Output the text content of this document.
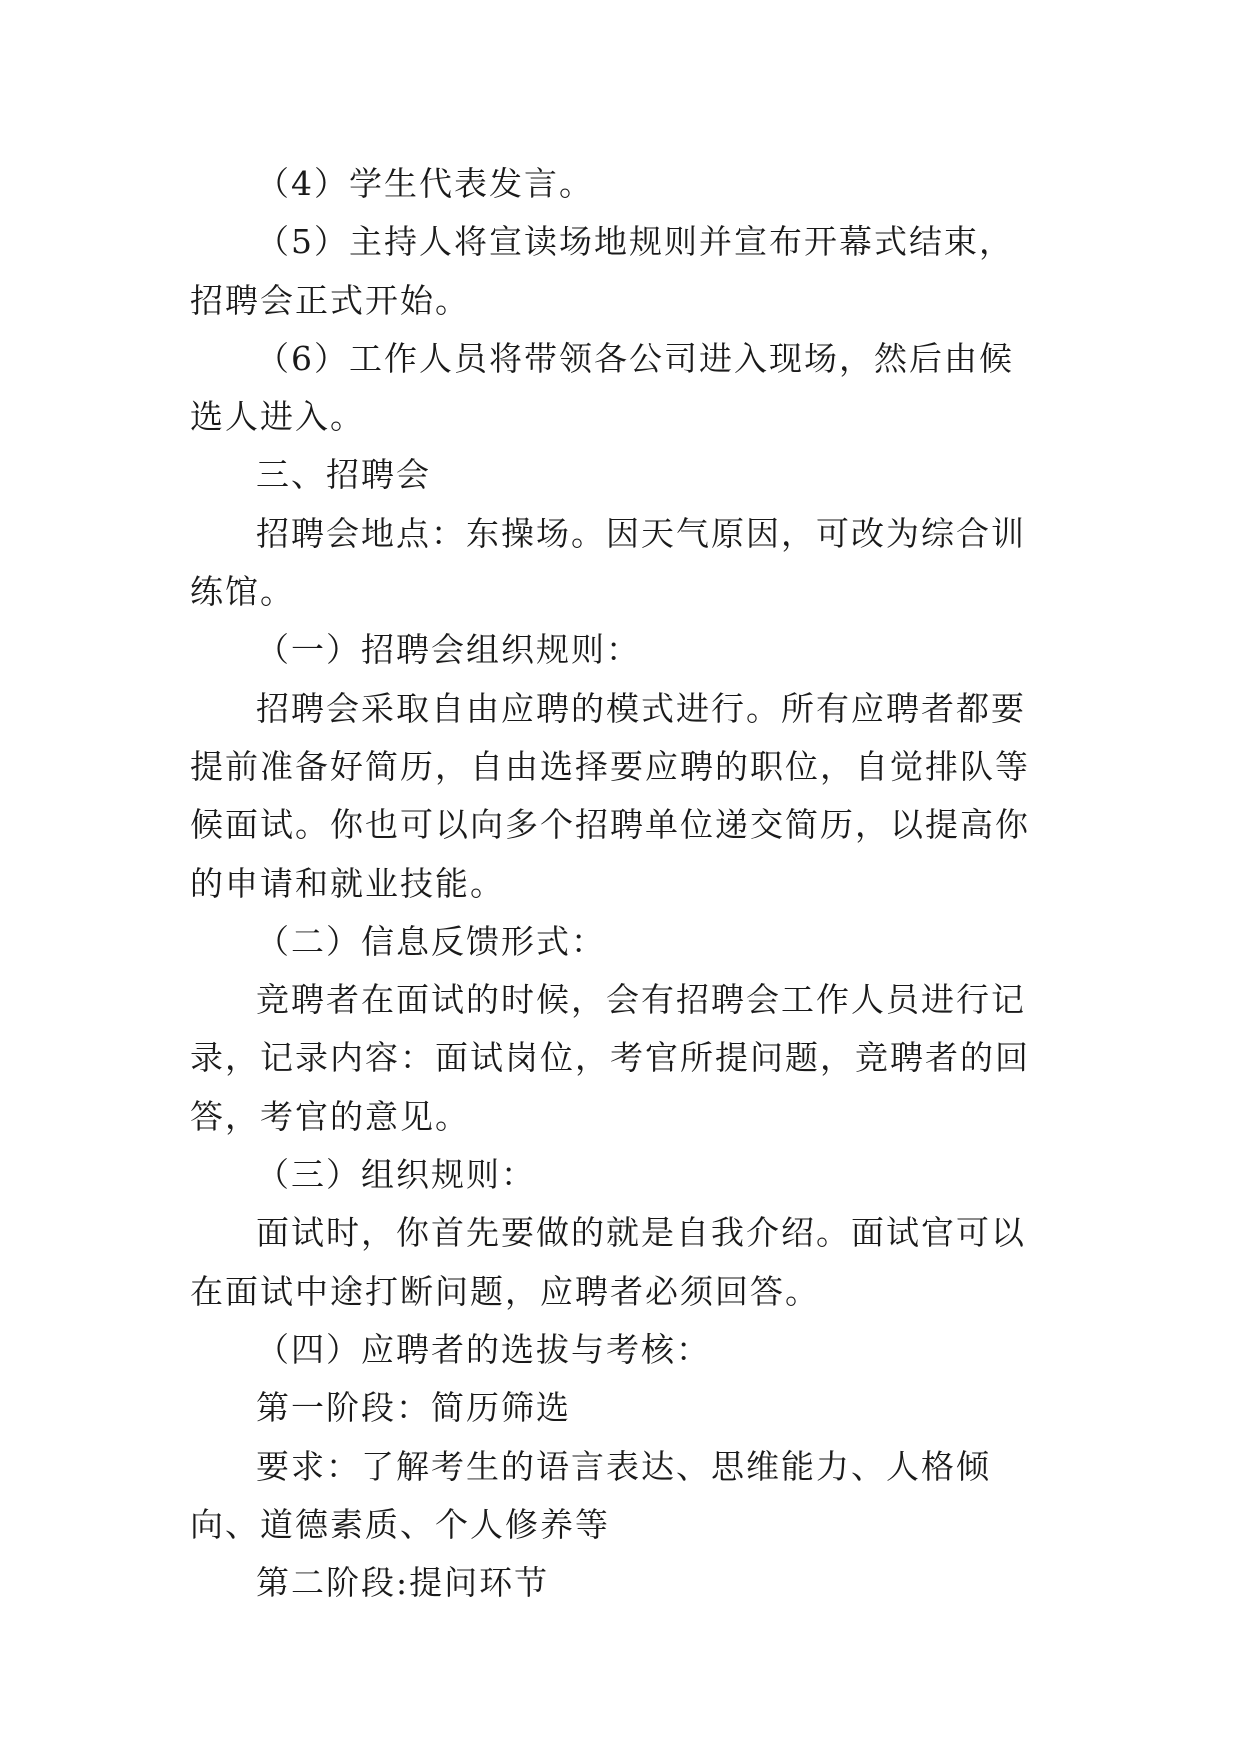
（4）学生代表发言。

（5）主持人将宣读场地规则并宣布开幕式结束，招聘会正式开始。

（6）工作人员将带领各公司进入现场，然后由候选人进入。

三、招聘会

招聘会地点：东操场。因天气原因，可改为综合训练馆。

（一）招聘会组织规则：

招聘会采取自由应聘的模式进行。所有应聘者都要提前准备好简历，自由选择要应聘的职位，自觉排队等候面试。你也可以向多个招聘单位递交简历，以提高你的申请和就业技能。

（二）信息反馈形式：

竞聘者在面试的时候，会有招聘会工作人员进行记录，记录内容：面试岗位，考官所提问题，竞聘者的回答，考官的意见。

（三）组织规则：

面试时，你首先要做的就是自我介绍。面试官可以在面试中途打断问题，应聘者必须回答。

（四）应聘者的选拔与考核：

第一阶段：简历筛选

要求：了解考生的语言表达、思维能力、人格倾向、道德素质、个人修养等

第二阶段:提问环节
